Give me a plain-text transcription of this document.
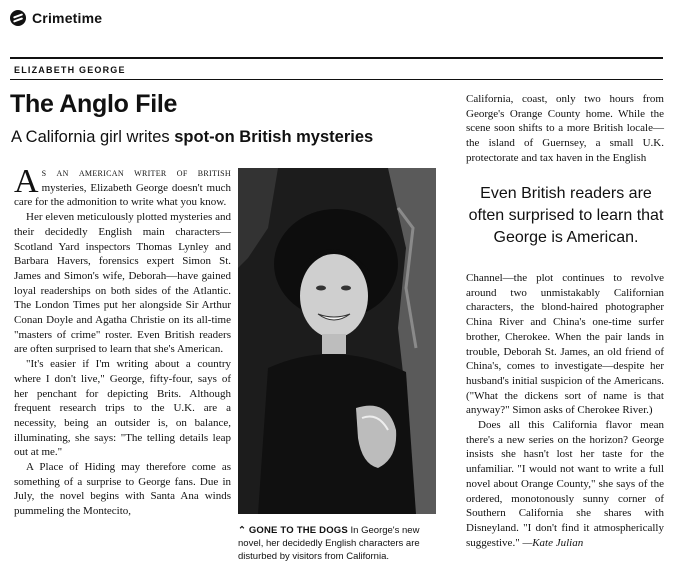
Crimetime
ELIZABETH GEORGE
The Anglo File
A California girl writes spot-on British mysteries

As an american writer of british mysteries, Elizabeth George doesn't much care for the admonition to write what you know.

Her eleven meticulously plotted mysteries and their decidedly English main characters—Scotland Yard inspectors Thomas Lynley and Barbara Havers, forensics expert Simon St. James and Simon's wife, Deborah—have gained loyal readerships on both sides of the Atlantic. The London Times put her alongside Sir Arthur Conan Doyle and Agatha Christie on its all-time "masters of crime" roster. Even British readers are often surprised to learn that she's American.

"It's easier if I'm writing about a country where I don't live," George, fifty-four, says of her penchant for depicting Brits. Although frequent research trips to the U.K. are a necessity, being an outsider is, on balance, illuminating, she says: "The telling details leap out at me."

A Place of Hiding may therefore come as something of a surprise to George fans. Due in July, the novel begins with Santa Ana winds pummeling the Montecito,

⌃ GONE TO THE DOGS In George's new novel, her decidedly English characters are disturbed by visitors from California.

California, coast, only two hours from George's Orange County home. While the scene soon shifts to a more British locale—the island of Guernsey, a small U.K. protectorate and tax haven in the English

Even British readers are often surprised to learn that George is American.

Channel—the plot continues to revolve around two unmistakably Californian characters, the blond-haired photographer China River and China's one-time surfer brother, Cherokee. When the pair lands in trouble, Deborah St. James, an old friend of China's, comes to investigate—despite her husband's initial suspicion of the Americans. ("What the dickens sort of name is that anyway?" Simon asks of Cherokee River.)

Does all this California flavor mean there's a new series on the horizon? George insists she hasn't lost her taste for the unfamiliar. "I would not want to write a full novel about Orange County," she says of the ordered, monotonously sunny corner of Southern California she shares with Disneyland. "I don't find it atmospherically suggestive." —Kate Julian
